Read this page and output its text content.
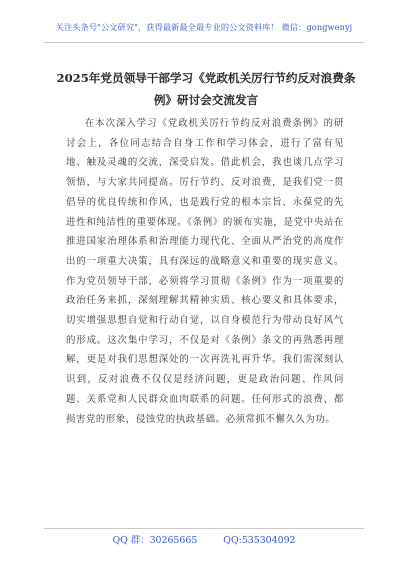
关注头条号"公文研究"，获得最新最全最专业的公文资料库！ 微信：gongwenyj
2025年党员领导干部学习《党政机关厉行节约反对浪费条例》研讨会交流发言

在本次深入学习《党政机关厉行节约反对浪费条例》的研讨会上，各位同志结合自身工作和学习体会，进行了富有见地、触及灵魂的交流，深受启发。借此机会，我也谈几点学习领悟，与大家共同提高。厉行节约、反对浪费，是我们党一贯倡导的优良传统和作风，也是践行党的根本宗旨、永葆党的先进性和纯洁性的重要体现。《条例》的颁布实施，是党中央站在推进国家治理体系和治理能力现代化、全面从严治党的高度作出的一项重大决策，具有深远的战略意义和重要的现实意义。作为党员领导干部，必须将学习贯彻《条例》作为一项重要的政治任务来抓，深刻理解其精神实质、核心要义和具体要求，切实增强思想自觉和行动自觉，以自身模范行为带动良好风气的形成。这次集中学习，不仅是对《条例》条文的再熟悉再理解，更是对我们思想深处的一次再洗礼再升华。我们需深刻认识到，反对浪费不仅仅是经济问题，更是政治问题、作风问题、关系党和人民群众血肉联系的问题。任何形式的浪费，都损害党的形象，侵蚀党的执政基础。必须常抓不懈久久为功。

QQ 群：30265665	QQ:535304092
